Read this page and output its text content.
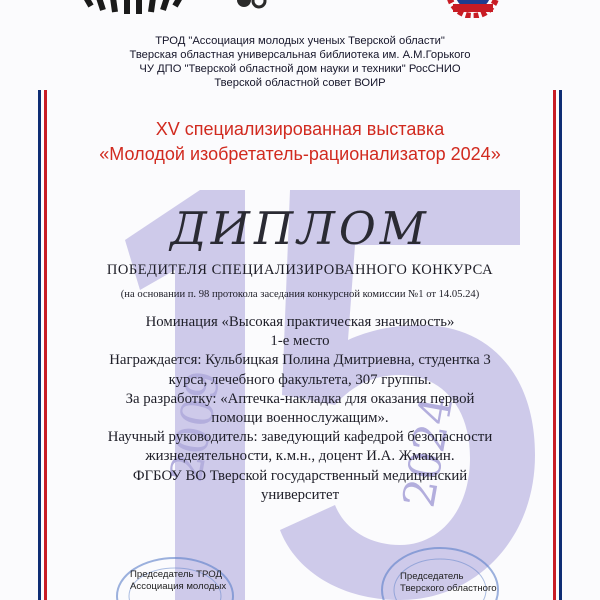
2009	2024
ТРОД "Ассоциация молодых ученых Тверской области"
Тверская областная универсальная библиотека им. А.М.Горького
ЧУ ДПО "Тверской областной дом науки и техники" РосСНИО
Тверской областной совет ВОИР
XV специализированная выставка
«Молодой изобретатель-рационализатор 2024»
ДИПЛОМ
ПОБЕДИТЕЛЯ СПЕЦИАЛИЗИРОВАННОГО КОНКУРСА
(на основании п. 98 протокола заседания конкурсной комиссии №1 от 14.05.24)
Номинация «Высокая практическая значимость»
1-е место
Награждается: Кульбицкая Полина Дмитриевна, студентка 3
курса, лечебного факультета, 307 группы.
За разработку: «Аптечка-накладка для оказания первой
помощи военнослужащим».
Научный руководитель: заведующий кафедрой безопасности
жизнедеятельности, к.м.н., доцент И.А. Жмакин.
ФГБОУ ВО Тверской государственный медицинский
университет
Председатель ТРОД
Ассоциация молодых
Председатель
Тверского областного
